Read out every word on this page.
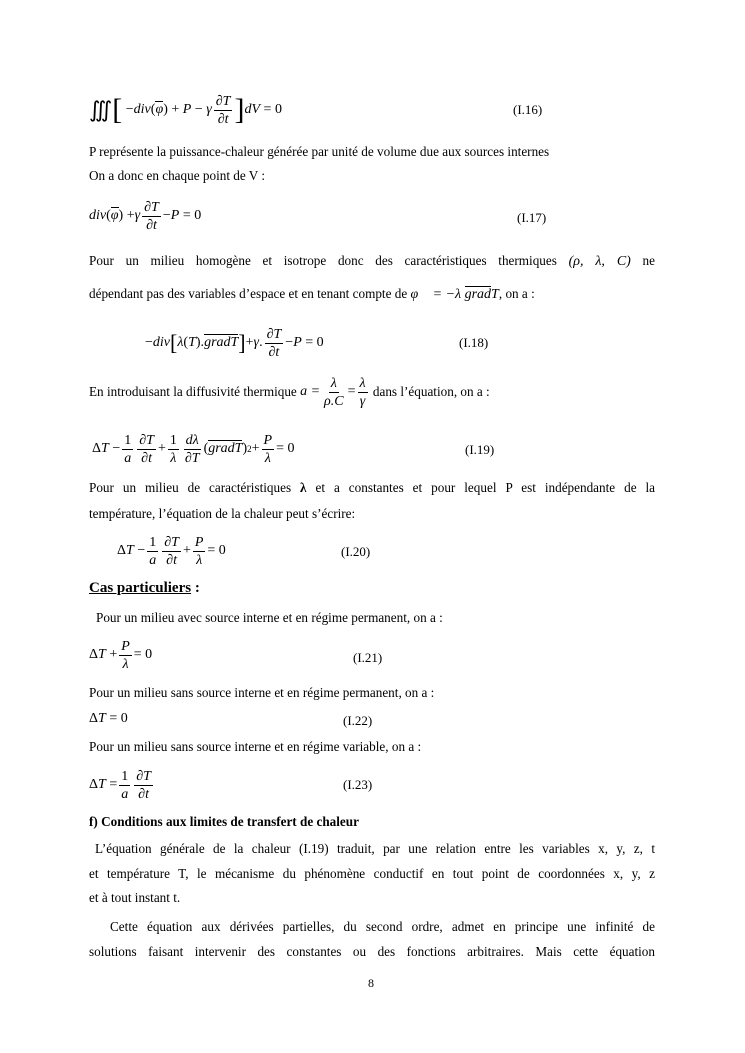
∭ [ −div(φ) + P − γ $\frac{\partial T}{\partial t}$ ] dV = 0	(I.16)
P représente la puissance-chaleur générée par unité de volume due aux sources internes
On a donc en chaque point de V :
div ( φ ) + γ $\frac{\partial T}{\partial t} - P = 0$	(I.17)
Pour un milieu homogène et isotrope donc des caractéristiques thermiques (ρ, λ, C) ne
dépendant pas des variables d’espace et en tenant compte de φ⃗ = −λ gradT, on a :
− div [ λ ( T ). gradT ] + γ . $\frac{\partial T}{\partial t} - P = 0$	(I.18)
En introduisant la diffusivité thermique
$a = \frac{\lambda}{\rho.C} = \frac{\lambda}{\gamma}$
dans l’équation, on a :
Δ $T - \frac{1}{a} \frac{\partial T}{\partial t} + \frac{1}{\lambda} \frac{d\lambda}{\partial T}$ ( gradT ) $2 + \frac{P}{\lambda} = 0$	(I.19)
Pour un milieu de caractéristiques λ et a constantes et pour lequel P est indépendante de la
température, l’équation de la chaleur peut s’écrire:
Δ $T - \frac{1}{a} \frac{\partial T}{\partial t} + \frac{P}{\lambda} = 0$	(I.20)
Cas particuliers :
Pour un milieu avec source interne et en régime permanent, on a :
Δ $T + \frac{P}{\lambda} = 0$	(I.21)
Pour un milieu sans source interne et en régime permanent, on a :
ΔT = 0	(I.22)
Pour un milieu sans source interne et en régime variable, on a :
Δ $T = \frac{1}{a} \frac{\partial T}{\partial t}$	(I.23)
f) Conditions aux limites de transfert de chaleur
L’équation générale de la chaleur (I.19) traduit, par une relation entre les variables x, y, z, t
et température T, le mécanisme du phénomène conductif en tout point de coordonnées x, y, z
et à tout instant t.
Cette équation aux dérivées partielles, du second ordre, admet en principe une infinité de
solutions faisant intervenir des constantes ou des fonctions arbitraires. Mais cette équation
8
